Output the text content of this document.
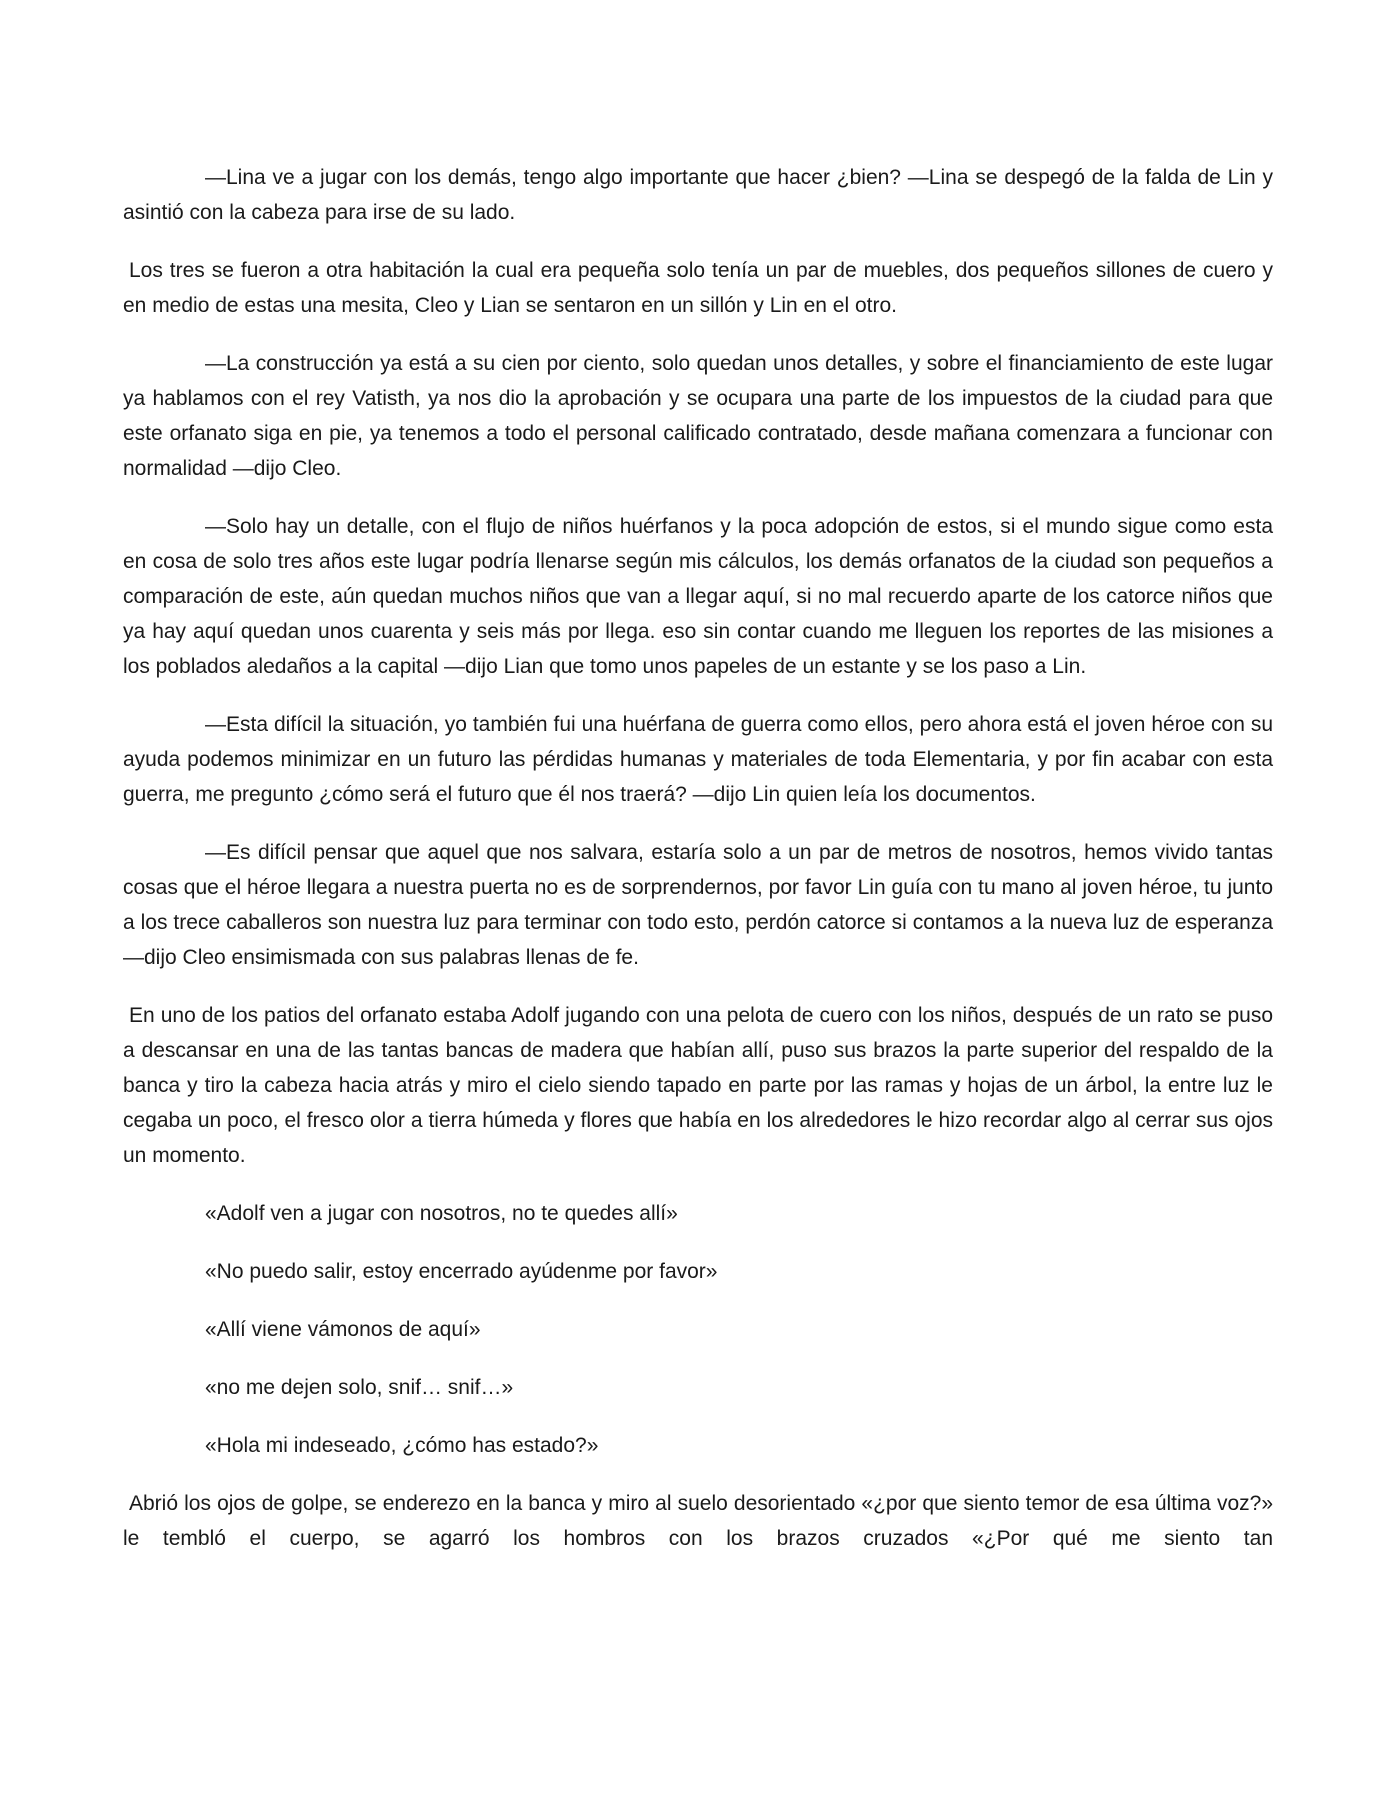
—Lina ve a jugar con los demás, tengo algo importante que hacer ¿bien? —Lina se despegó de la falda de Lin y asintió con la cabeza para irse de su lado.

Los tres se fueron a otra habitación la cual era pequeña solo tenía un par de muebles, dos pequeños sillones de cuero y en medio de estas una mesita, Cleo y Lian se sentaron en un sillón y Lin en el otro.

—La construcción ya está a su cien por ciento, solo quedan unos detalles, y sobre el financiamiento de este lugar ya hablamos con el rey Vatisth, ya nos dio la aprobación y se ocupara una parte de los impuestos de la ciudad para que este orfanato siga en pie, ya tenemos a todo el personal calificado contratado, desde mañana comenzara a funcionar con normalidad —dijo Cleo.

—Solo hay un detalle, con el flujo de niños huérfanos y la poca adopción de estos, si el mundo sigue como esta en cosa de solo tres años este lugar podría llenarse según mis cálculos, los demás orfanatos de la ciudad son pequeños a comparación de este, aún quedan muchos niños que van a llegar aquí, si no mal recuerdo aparte de los catorce niños que ya hay aquí quedan unos cuarenta y seis más por llega. eso sin contar cuando me lleguen los reportes de las misiones a los poblados aledaños a la capital —dijo Lian que tomo unos papeles de un estante y se los paso a Lin.

—Esta difícil la situación, yo también fui una huérfana de guerra como ellos, pero ahora está el joven héroe con su ayuda podemos minimizar en un futuro las pérdidas humanas y materiales de toda Elementaria, y por fin acabar con esta guerra, me pregunto ¿cómo será el futuro que él nos traerá? —dijo Lin quien leía los documentos.

—Es difícil pensar que aquel que nos salvara, estaría solo a un par de metros de nosotros, hemos vivido tantas cosas que el héroe llegara a nuestra puerta no es de sorprendernos, por favor Lin guía con tu mano al joven héroe, tu junto a los trece caballeros son nuestra luz para terminar con todo esto, perdón catorce si contamos a la nueva luz de esperanza —dijo Cleo ensimismada con sus palabras llenas de fe.

En uno de los patios del orfanato estaba Adolf jugando con una pelota de cuero con los niños, después de un rato se puso a descansar en una de las tantas bancas de madera que habían allí, puso sus brazos la parte superior del respaldo de la banca y tiro la cabeza hacia atrás y miro el cielo siendo tapado en parte por las ramas y hojas de un árbol, la entre luz le cegaba un poco, el fresco olor a tierra húmeda y flores que había en los alrededores le hizo recordar algo al cerrar sus ojos un momento.

«Adolf ven a jugar con nosotros, no te quedes allí»

«No puedo salir, estoy encerrado ayúdenme por favor»

«Allí viene vámonos de aquí»

«no me dejen solo, snif… snif…»

«Hola mi indeseado, ¿cómo has estado?»

Abrió los ojos de golpe, se enderezo en la banca y miro al suelo desorientado «¿por que siento temor de esa última voz?» le tembló el cuerpo, se agarró los hombros con los brazos cruzados «¿Por qué me siento tan
